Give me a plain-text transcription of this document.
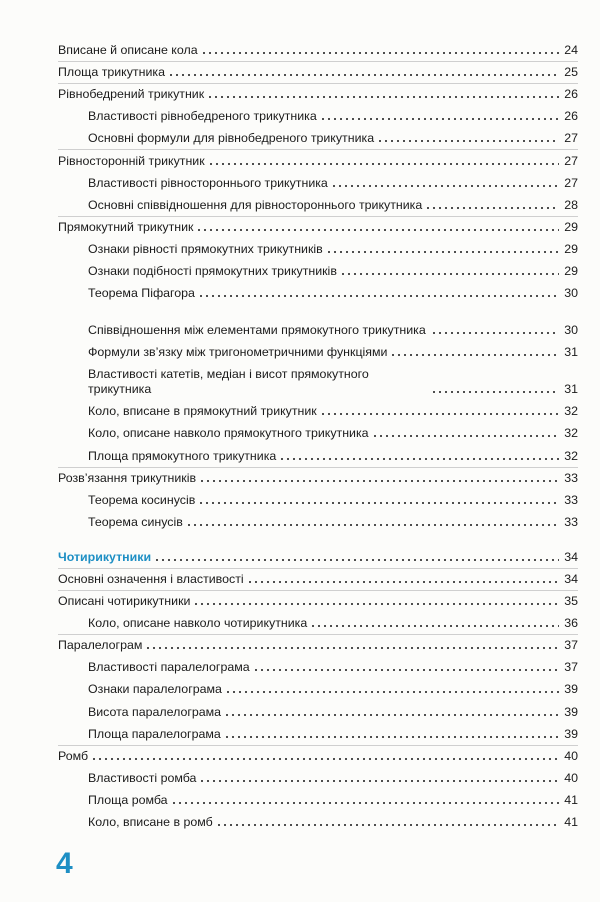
Вписане й описане кола	24
Площа трикутника	25
Рівнобедрений трикутник	26
Властивості рівнобедреного трикутника	26
Основні формули для рівнобедреного трикутника	27
Рівносторонній трикутник	27
Властивості рівностороннього трикутника	27
Основні співвідношення для рівностороннього трикутника	28
Прямокутний трикутник	29
Ознаки рівності прямокутних трикутників	29
Ознаки подібності прямокутних трикутників	29
Теорема Піфагора	30
Співвідношення між елементами прямокутного трикутника	30
Формули зв’язку між тригонометричними функціями	31
Властивості катетів, медіан і висот прямокутного трикутника	31
Коло, вписане в прямокутний трикутник	32
Коло, описане навколо прямокутного трикутника	32
Площа прямокутного трикутника	32
Розв’язання трикутників	33
Теорема косинусів	33
Теорема синусів	33
Чотирикутники	34
Основні означення і властивості	34
Описані чотирикутники	35
Коло, описане навколо чотирикутника	36
Паралелограм	37
Властивості паралелограма	37
Ознаки паралелограма	39
Висота паралелограма	39
Площа паралелограма	39
Ромб	40
Властивості ромба	40
Площа ромба	41
Коло, вписане в ромб	41
4
